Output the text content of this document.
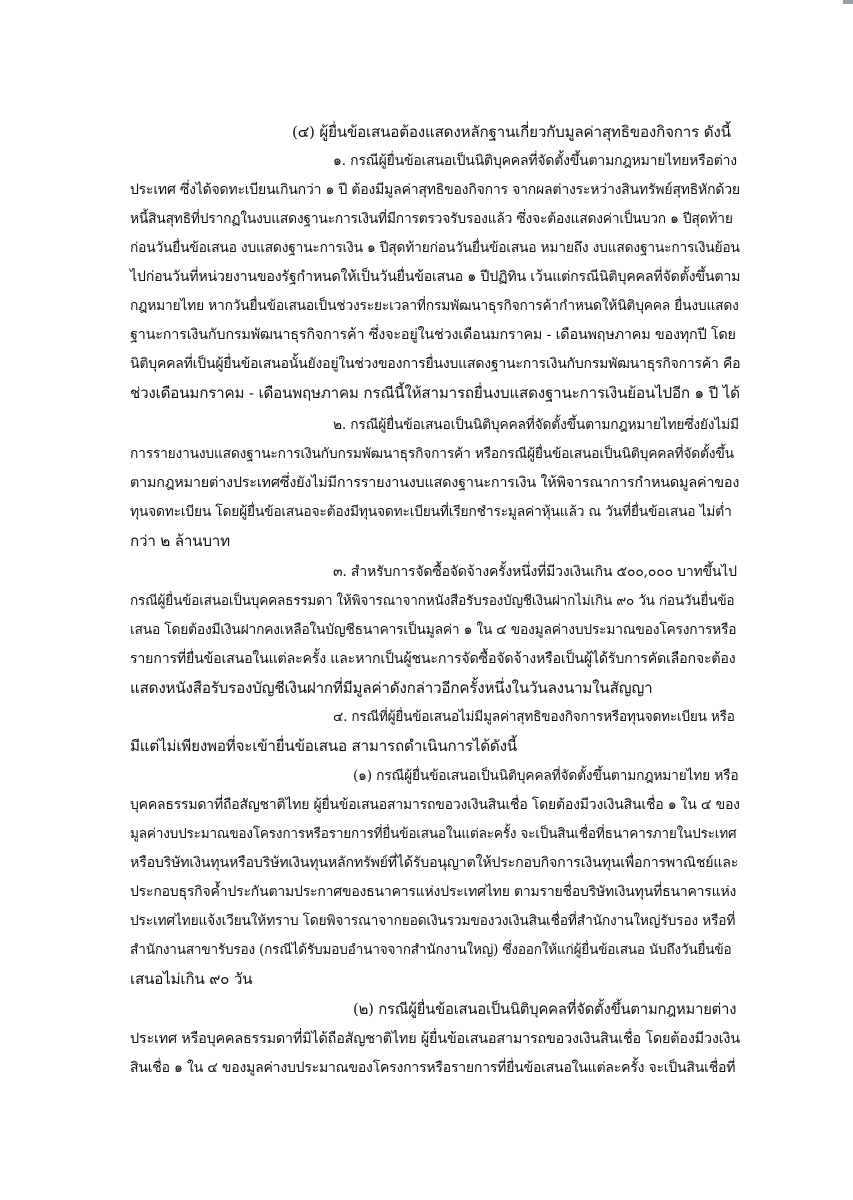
(๔) ผู้ยื่นข้อเสนอต้องแสดงหลักฐานเกี่ยวกับมูลค่าสุทธิของกิจการ ดังนี้
๑. กรณีผู้ยื่นข้อเสนอเป็นนิติบุคคลที่จัดตั้งขึ้นตามกฎหมายไทยหรือต่าง
ประเทศ ซึ่งได้จดทะเบียนเกินกว่า ๑ ปี ต้องมีมูลค่าสุทธิของกิจการ จากผลต่างระหว่างสินทรัพย์สุทธิหักด้วย
หนี้สินสุทธิที่ปรากฏในงบแสดงฐานะการเงินที่มีการตรวจรับรองแล้ว ซึ่งจะต้องแสดงค่าเป็นบวก ๑ ปีสุดท้าย
ก่อนวันยื่นข้อเสนอ งบแสดงฐานะการเงิน ๑ ปีสุดท้ายก่อนวันยื่นข้อเสนอ หมายถึง งบแสดงฐานะการเงินย้อน
ไปก่อนวันที่หน่วยงานของรัฐกำหนดให้เป็นวันยื่นข้อเสนอ ๑ ปีปฏิทิน เว้นแต่กรณีนิติบุคคลที่จัดตั้งขึ้นตาม
กฎหมายไทย หากวันยื่นข้อเสนอเป็นช่วงระยะเวลาที่กรมพัฒนาธุรกิจการค้ากำหนดให้นิติบุคคล ยื่นงบแสดง
ฐานะการเงินกับกรมพัฒนาธุรกิจการค้า ซึ่งจะอยู่ในช่วงเดือนมกราคม - เดือนพฤษภาคม ของทุกปี โดย
นิติบุคคลที่เป็นผู้ยื่นข้อเสนอนั้นยังอยู่ในช่วงของการยื่นงบแสดงฐานะการเงินกับกรมพัฒนาธุรกิจการค้า คือ
ช่วงเดือนมกราคม - เดือนพฤษภาคม กรณีนี้ให้สามารถยื่นงบแสดงฐานะการเงินย้อนไปอีก ๑ ปี ได้
๒. กรณีผู้ยื่นข้อเสนอเป็นนิติบุคคลที่จัดตั้งขึ้นตามกฎหมายไทยซึ่งยังไม่มี
การรายงานงบแสดงฐานะการเงินกับกรมพัฒนาธุรกิจการค้า หรือกรณีผู้ยื่นข้อเสนอเป็นนิติบุคคลที่จัดตั้งขึ้น
ตามกฎหมายต่างประเทศซึ่งยังไม่มีการรายงานงบแสดงฐานะการเงิน ให้พิจารณาการกำหนดมูลค่าของ
ทุนจดทะเบียน โดยผู้ยื่นข้อเสนอจะต้องมีทุนจดทะเบียนที่เรียกชำระมูลค่าหุ้นแล้ว ณ วันที่ยื่นข้อเสนอ ไม่ต่ำ
กว่า ๒ ล้านบาท
๓. สำหรับการจัดซื้อจัดจ้างครั้งหนึ่งที่มีวงเงินเกิน ๕๐๐,๐๐๐ บาทขึ้นไป
กรณีผู้ยื่นข้อเสนอเป็นบุคคลธรรมดา ให้พิจารณาจากหนังสือรับรองบัญชีเงินฝากไม่เกิน ๙๐ วัน ก่อนวันยื่นข้อ
เสนอ โดยต้องมีเงินฝากคงเหลือในบัญชีธนาคารเป็นมูลค่า ๑ ใน ๔ ของมูลค่างบประมาณของโครงการหรือ
รายการที่ยื่นข้อเสนอในแต่ละครั้ง และหากเป็นผู้ชนะการจัดซื้อจัดจ้างหรือเป็นผู้ได้รับการคัดเลือกจะต้อง
แสดงหนังสือรับรองบัญชีเงินฝากที่มีมูลค่าดังกล่าวอีกครั้งหนึ่งในวันลงนามในสัญญา
๔. กรณีที่ผู้ยื่นข้อเสนอไม่มีมูลค่าสุทธิของกิจการหรือทุนจดทะเบียน หรือ
มีแต่ไม่เพียงพอที่จะเข้ายื่นข้อเสนอ สามารถดำเนินการได้ดังนี้
(๑) กรณีผู้ยื่นข้อเสนอเป็นนิติบุคคลที่จัดตั้งขึ้นตามกฎหมายไทย หรือ
บุคคลธรรมดาที่ถือสัญชาติไทย ผู้ยื่นข้อเสนอสามารถขอวงเงินสินเชื่อ โดยต้องมีวงเงินสินเชื่อ ๑ ใน ๔ ของ
มูลค่างบประมาณของโครงการหรือรายการที่ยื่นข้อเสนอในแต่ละครั้ง จะเป็นสินเชื่อที่ธนาคารภายในประเทศ
หรือบริษัทเงินทุนหรือบริษัทเงินทุนหลักทรัพย์ที่ได้รับอนุญาตให้ประกอบกิจการเงินทุนเพื่อการพาณิชย์และ
ประกอบธุรกิจค้ำประกันตามประกาศของธนาคารแห่งประเทศไทย ตามรายชื่อบริษัทเงินทุนที่ธนาคารแห่ง
ประเทศไทยแจ้งเวียนให้ทราบ โดยพิจารณาจากยอดเงินรวมของวงเงินสินเชื่อที่สำนักงานใหญ่รับรอง หรือที่
สำนักงานสาขารับรอง (กรณีได้รับมอบอำนาจจากสำนักงานใหญ่) ซึ่งออกให้แก่ผู้ยื่นข้อเสนอ นับถึงวันยื่นข้อ
เสนอไม่เกิน ๙๐ วัน
(๒) กรณีผู้ยื่นข้อเสนอเป็นนิติบุคคลที่จัดตั้งขึ้นตามกฎหมายต่าง
ประเทศ หรือบุคคลธรรมดาที่มิได้ถือสัญชาติไทย ผู้ยื่นข้อเสนอสามารถขอวงเงินสินเชื่อ โดยต้องมีวงเงิน
สินเชื่อ ๑ ใน ๔ ของมูลค่างบประมาณของโครงการหรือรายการที่ยื่นข้อเสนอในแต่ละครั้ง จะเป็นสินเชื่อที่
